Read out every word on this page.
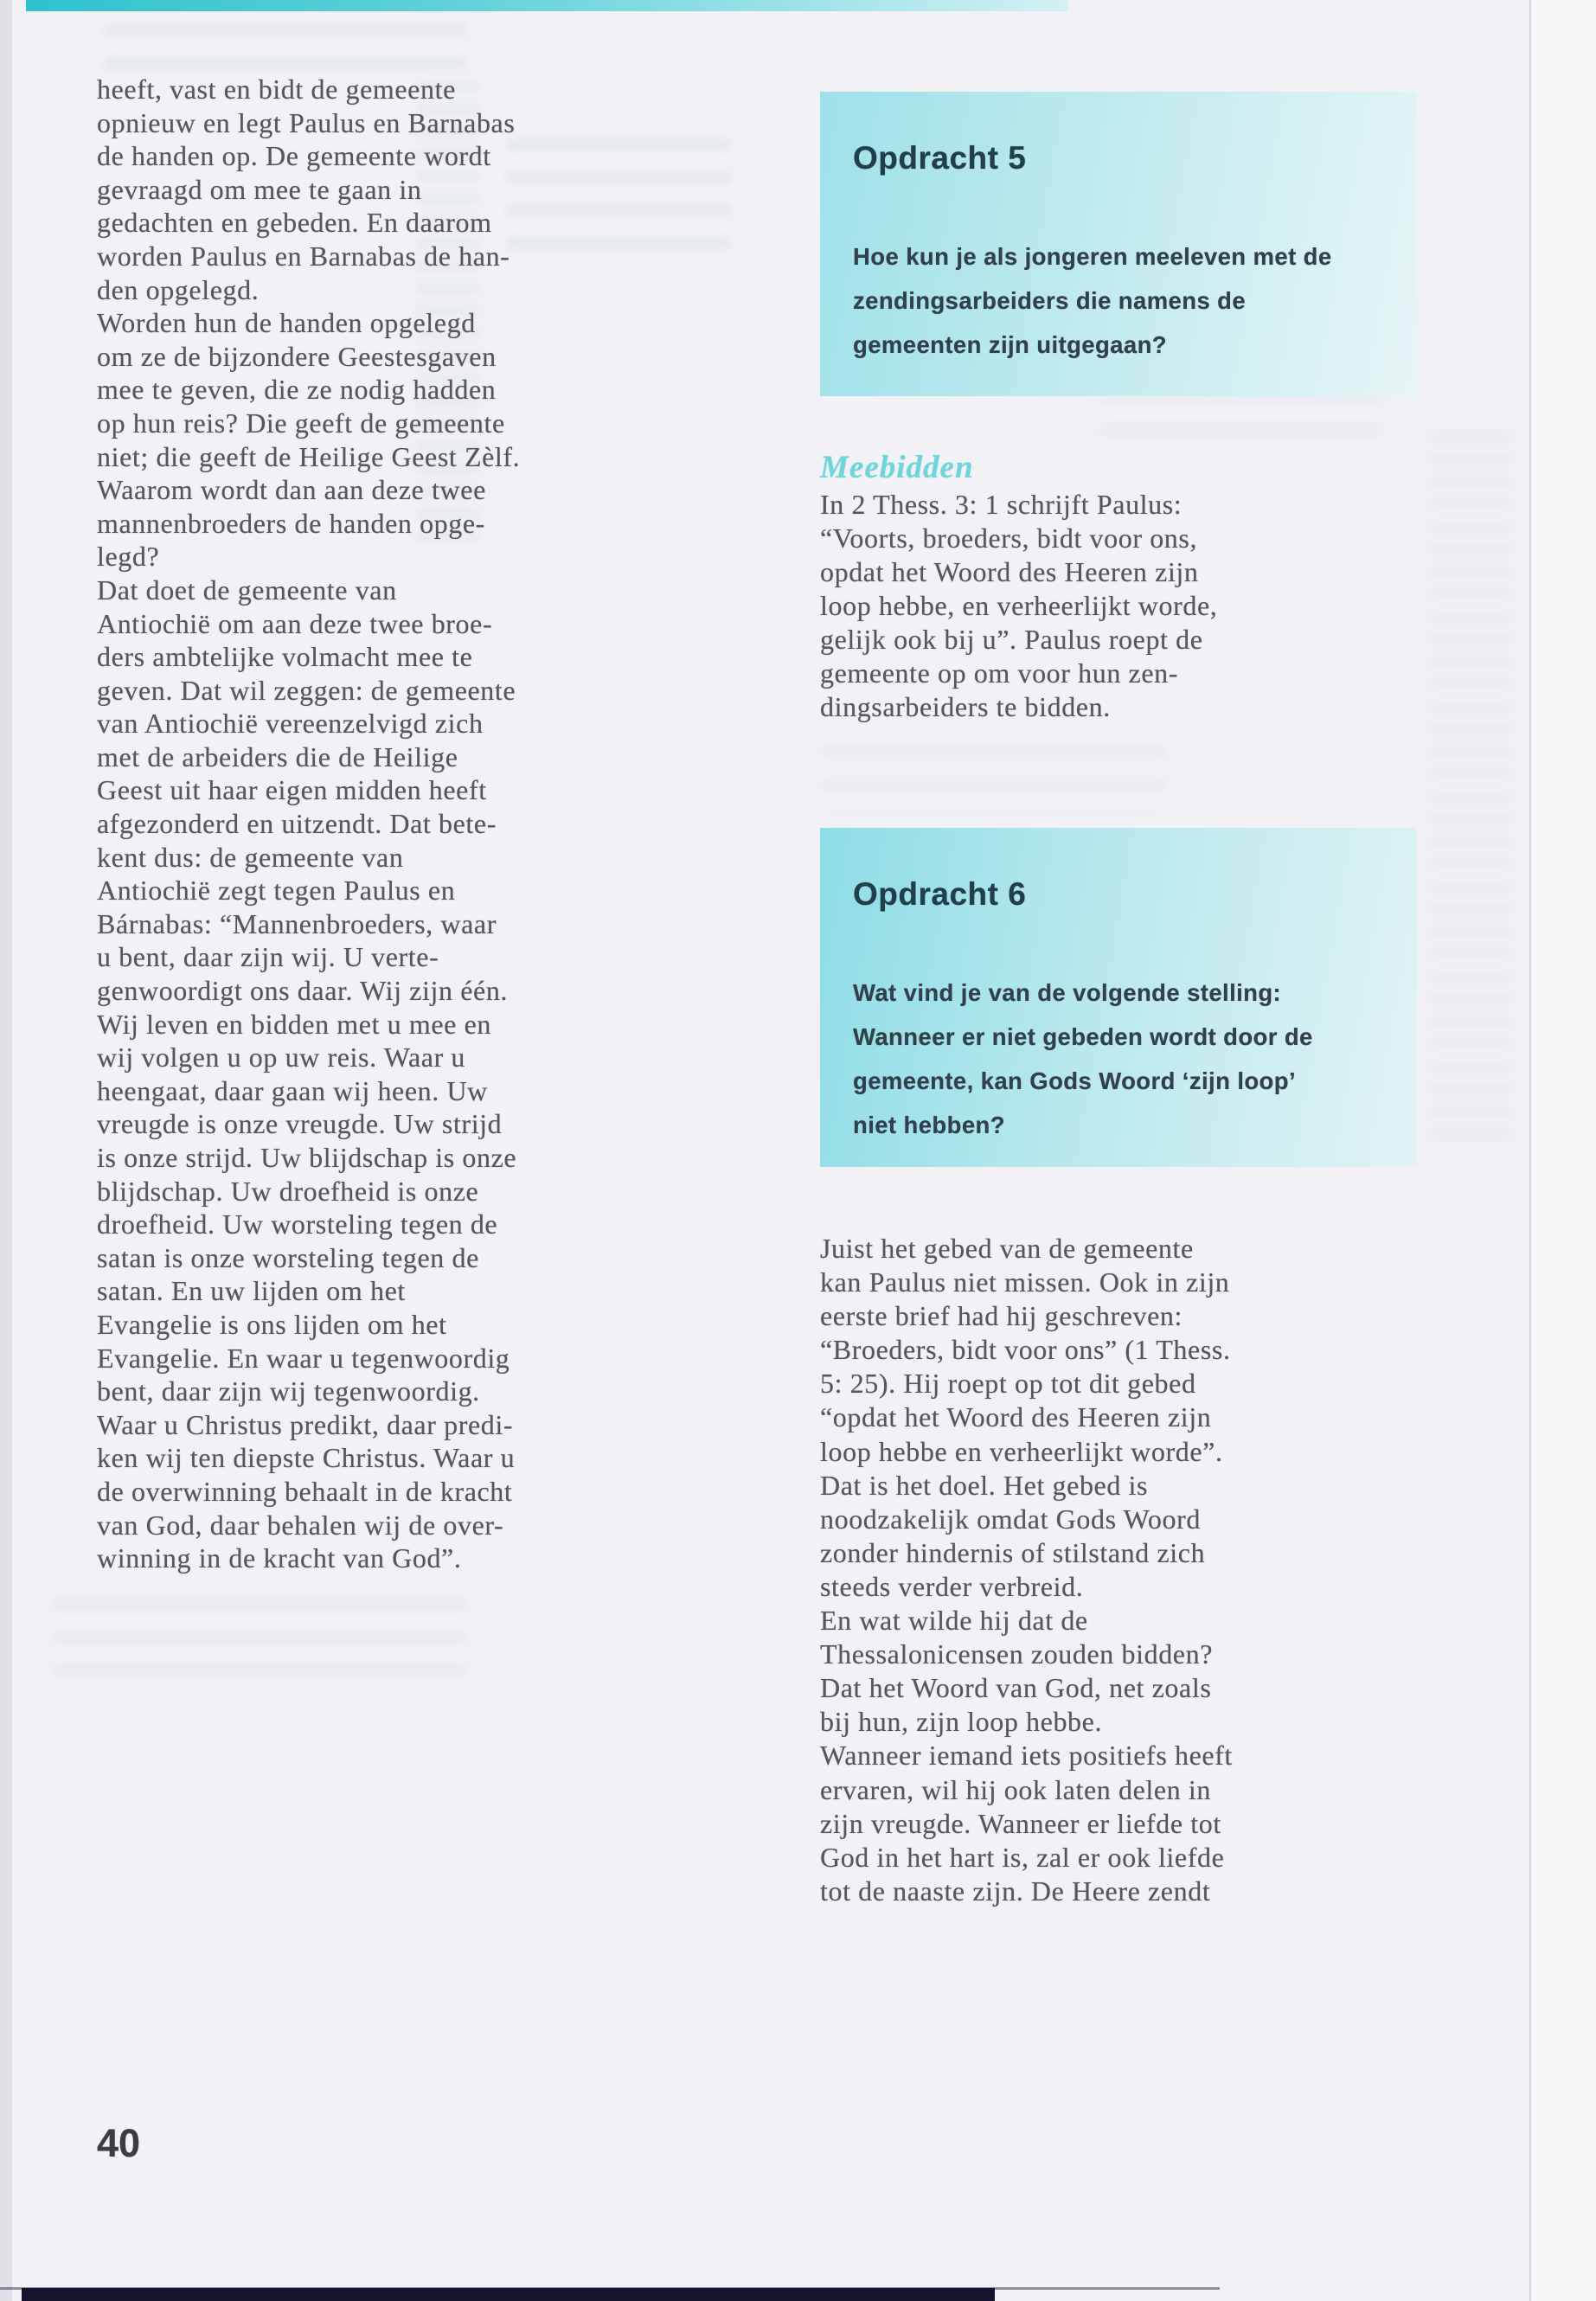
heeft, vast en bidt de gemeente
opnieuw en legt Paulus en Barnabas
de handen op. De gemeente wordt
gevraagd om mee te gaan in
gedachten en gebeden. En daarom
worden Paulus en Barnabas de han-
den opgelegd.
Worden hun de handen opgelegd
om ze de bijzondere Geestesgaven
mee te geven, die ze nodig hadden
op hun reis? Die geeft de gemeente
niet; die geeft de Heilige Geest Zèlf.
Waarom wordt dan aan deze twee
mannenbroeders de handen opge-
legd?
Dat doet de gemeente van
Antiochië om aan deze twee broe-
ders ambtelijke volmacht mee te
geven. Dat wil zeggen: de gemeente
van Antiochië vereenzelvigd zich
met de arbeiders die de Heilige
Geest uit haar eigen midden heeft
afgezonderd en uitzendt. Dat bete-
kent dus: de gemeente van
Antiochië zegt tegen Paulus en
Bárnabas: “Mannenbroeders, waar
u bent, daar zijn wij. U verte-
genwoordigt ons daar. Wij zijn één.
Wij leven en bidden met u mee en
wij volgen u op uw reis. Waar u
heengaat, daar gaan wij heen. Uw
vreugde is onze vreugde. Uw strijd
is onze strijd. Uw blijdschap is onze
blijdschap. Uw droefheid is onze
droefheid. Uw worsteling tegen de
satan is onze worsteling tegen de
satan. En uw lijden om het
Evangelie is ons lijden om het
Evangelie. En waar u tegenwoordig
bent, daar zijn wij tegenwoordig.
Waar u Christus predikt, daar predi-
ken wij ten diepste Christus. Waar u
de overwinning behaalt in de kracht
van God, daar behalen wij de over-
winning in de kracht van God”.
Opdracht 5
Hoe kun je als jongeren meeleven met de
zendingsarbeiders die namens de
gemeenten zijn uitgegaan?
Meebidden
In 2 Thess. 3: 1 schrijft Paulus:
“Voorts, broeders, bidt voor ons,
opdat het Woord des Heeren zijn
loop hebbe, en verheerlijkt worde,
gelijk ook bij u”. Paulus roept de
gemeente op om voor hun zen-
dingsarbeiders te bidden.
Opdracht 6
Wat vind je van de volgende stelling:
Wanneer er niet gebeden wordt door de
gemeente, kan Gods Woord ‘zijn loop’
niet hebben?
Juist het gebed van de gemeente
kan Paulus niet missen. Ook in zijn
eerste brief had hij geschreven:
“Broeders, bidt voor ons” (1 Thess.
5: 25). Hij roept op tot dit gebed
“opdat het Woord des Heeren zijn
loop hebbe en verheerlijkt worde”.
Dat is het doel. Het gebed is
noodzakelijk omdat Gods Woord
zonder hindernis of stilstand zich
steeds verder verbreid.
En wat wilde hij dat de
Thessalonicensen zouden bidden?
Dat het Woord van God, net zoals
bij hun, zijn loop hebbe.
Wanneer iemand iets positiefs heeft
ervaren, wil hij ook laten delen in
zijn vreugde. Wanneer er liefde tot
God in het hart is, zal er ook liefde
tot de naaste zijn. De Heere zendt
40
